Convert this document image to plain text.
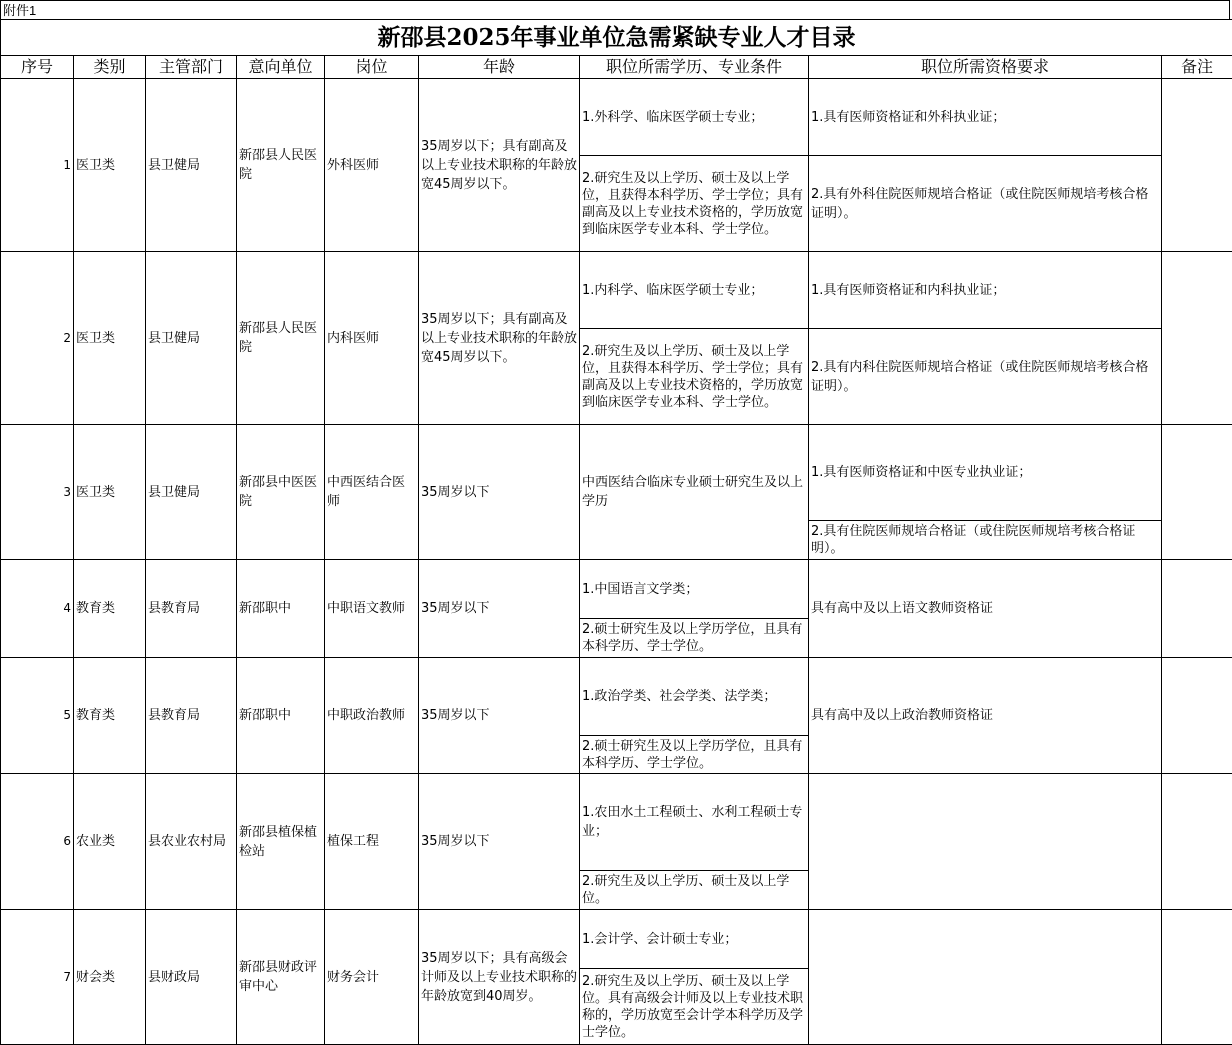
附件1
新邵县2025年事业单位急需紧缺专业人才目录								
序号	类别	主管部门	意向单位	岗位	年龄	职位所需学历、专业条件	职位所需资格要求	备注
1	医卫类	县卫健局	新邵县人民医院	外科医师	35周岁以下；具有副高及以上专业技术职称的年龄放宽45周岁以下。	1.外科学、临床医学硕士专业；	1.具有医师资格证和外科执业证；	
						2.研究生及以上学历、硕士及以上学位，且获得本科学历、学士学位；具有副高及以上专业技术资格的，学历放宽到临床医学专业本科、学士学位。	2.具有外科住院医师规培合格证（或住院医师规培考核合格证明）。	
2	医卫类	县卫健局	新邵县人民医院	内科医师	35周岁以下；具有副高及以上专业技术职称的年龄放宽45周岁以下。	1.内科学、临床医学硕士专业；	1.具有医师资格证和内科执业证；	
						2.研究生及以上学历、硕士及以上学位，且获得本科学历、学士学位；具有副高及以上专业技术资格的，学历放宽到临床医学专业本科、学士学位。	2.具有内科住院医师规培合格证（或住院医师规培考核合格证明）。	
3	医卫类	县卫健局	新邵县中医医院	中西医结合医师	35周岁以下	中西医结合临床专业硕士研究生及以上学历	1.具有医师资格证和中医专业执业证；	
							2.具有住院医师规培合格证（或住院医师规培考核合格证明）。	
4	教育类	县教育局	新邵职中	中职语文教师	35周岁以下	1.中国语言文学类；	具有高中及以上语文教师资格证	
						2.硕士研究生及以上学历学位，且具有本科学历、学士学位。		
5	教育类	县教育局	新邵职中	中职政治教师	35周岁以下	1.政治学类、社会学类、法学类；	具有高中及以上政治教师资格证	
						2.硕士研究生及以上学历学位，且具有本科学历、学士学位。		
6	农业类	县农业农村局	新邵县植保植检站	植保工程	35周岁以下	1.农田水土工程硕士、水利工程硕士专业；		
						2.研究生及以上学历、硕士及以上学位。		
7	财会类	县财政局	新邵县财政评审中心	财务会计	35周岁以下；具有高级会计师及以上专业技术职称的年龄放宽到40周岁。	1.会计学、会计硕士专业；		
						2.研究生及以上学历、硕士及以上学位。具有高级会计师及以上专业技术职称的，学历放宽至会计学本科学历及学士学位。		
